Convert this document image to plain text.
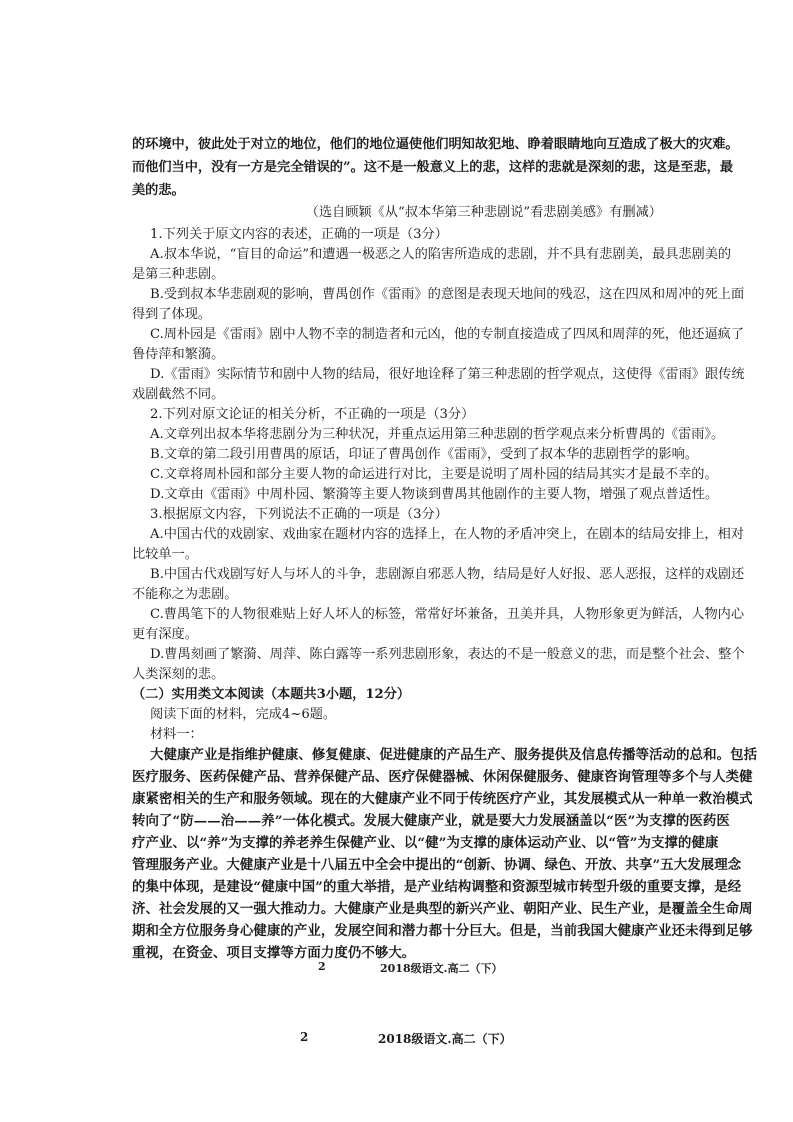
的环境中，彼此处于对立的地位，他们的地位逼使他们明知故犯地、睁着眼睛地向互造成了极大的灾难。
而他们当中，没有一方是完全错误的”。这不是一般意义上的悲，这样的悲就是深刻的悲，这是至悲，最
美的悲。
（选自顾颖《从“叔本华第三种悲剧说”看悲剧美感》有删减）
1.下列关于原文内容的表述，正确的一项是（3分）
A.叔本华说，“盲目的命运”和遭遇一极恶之人的陷害所造成的悲剧，并不具有悲剧美，最具悲剧美的
是第三种悲剧。
B.受到叔本华悲剧观的影响，曹禺创作《雷雨》的意图是表现天地间的残忍，这在四凤和周冲的死上面
得到了体现。
C.周朴园是《雷雨》剧中人物不幸的制造者和元凶，他的专制直接造成了四凤和周萍的死，他还逼疯了
鲁侍萍和繁漪。
D.《雷雨》实际情节和剧中人物的结局，很好地诠释了第三种悲剧的哲学观点，这使得《雷雨》跟传统
戏剧截然不同。
2.下列对原文论证的相关分析，不正确的一项是（3分）
A.文章列出叔本华将悲剧分为三种状况，并重点运用第三种悲剧的哲学观点来分析曹禺的《雷雨》。
B.文章的第二段引用曹禺的原话，印证了曹禺创作《雷雨》，受到了叔本华的悲剧哲学的影响。
C.文章将周朴园和部分主要人物的命运进行对比，主要是说明了周朴园的结局其实才是最不幸的。
D.文章由《雷雨》中周朴园、繁漪等主要人物谈到曹禺其他剧作的主要人物，增强了观点普适性。
3.根据原文内容，下列说法不正确的一项是（3分）
A.中国古代的戏剧家、戏曲家在题材内容的选择上，在人物的矛盾冲突上，在剧本的结局安排上，相对
比较单一。
B.中国古代戏剧写好人与坏人的斗争，悲剧源自邪恶人物，结局是好人好报、恶人恶报，这样的戏剧还
不能称之为悲剧。
C.曹禺笔下的人物很难贴上好人坏人的标签，常常好坏兼备，丑美并具，人物形象更为鲜活，人物内心
更有深度。
D.曹禺刻画了繁漪、周萍、陈白露等一系列悲剧形象，表达的不是一般意义的悲，而是整个社会、整个
人类深刻的悲。
（二）实用类文本阅读（本题共3小题，12分）
阅读下面的材料，完成4~6题。
材料一：
大健康产业是指维护健康、修复健康、促进健康的产品生产、服务提供及信息传播等活动的总和。包括
医疗服务、医药保健产品、营养保健产品、医疗保健器械、休闲保健服务、健康咨询管理等多个与人类健
康紧密相关的生产和服务领域。现在的大健康产业不同于传统医疗产业，其发展模式从一种单一救治模式
转向了“防——治——养”一体化模式。发展大健康产业，就是要大力发展涵盖以“医”为支撑的医药医
疗产业、以“养”为支撑的养老养生保健产业、以“健”为支撑的康体运动产业、以“管”为支撑的健康
管理服务产业。大健康产业是十八届五中全会中提出的“创新、协调、绿色、开放、共享”五大发展理念
的集中体现，是建设“健康中国”的重大举措，是产业结构调整和资源型城市转型升级的重要支撑，是经
济、社会发展的又一强大推动力。大健康产业是典型的新兴产业、朝阳产业、民生产业，是覆盖全生命周
期和全方位服务身心健康的产业，发展空间和潜力都十分巨大。但是，当前我国大健康产业还未得到足够
重视，在资金、项目支撑等方面力度仍不够大。
2	2018级语文.高二（下）
2	2018级语文.高二（下）
